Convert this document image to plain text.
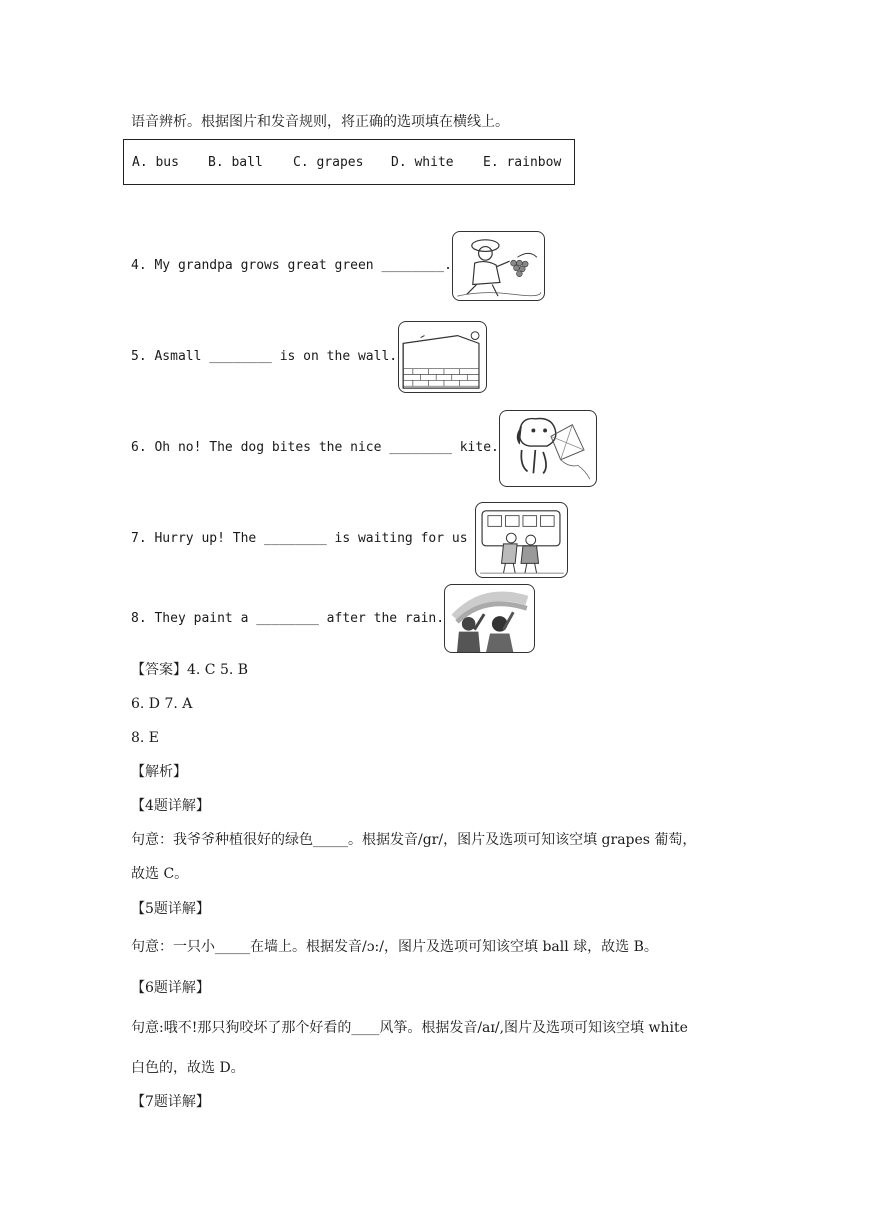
语音辨析。根据图片和发音规则，将正确的选项填在横线上。
A. bus B. ball C. grapes D. white E. rainbow
4. My grandpa grows great green ________.
5. Asmall ________ is on the wall.
6. Oh no! The dog bites the nice ________ kite.
7. Hurry up! The ________ is waiting for us
8. They paint a ________ after the rain.
【答案】4. C 5. B
6. D 7. A
8. E
【解析】
【4题详解】
句意：我爷爷种植很好的绿色_____。根据发音/gr/，图片及选项可知该空填 grapes 葡萄，
故选 C。
【5题详解】
句意：一只小_____在墙上。根据发音/ɔ:/，图片及选项可知该空填 ball 球，故选 B。
【6题详解】
句意:哦不!那只狗咬坏了那个好看的____风筝。根据发音/aɪ/,图片及选项可知该空填 white
白色的，故选 D。
【7题详解】
